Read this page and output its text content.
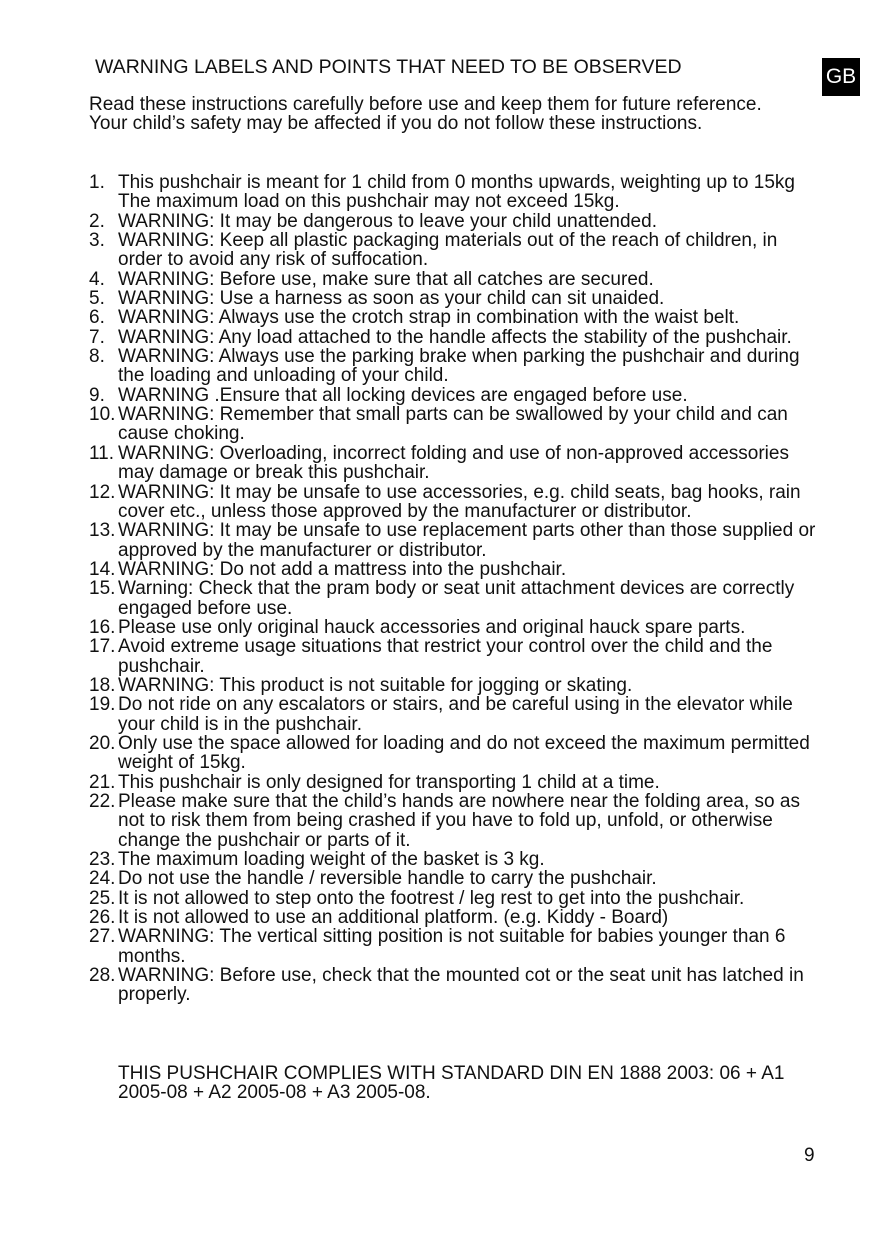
WARNING LABELS AND POINTS THAT NEED TO BE OBSERVED	GB
Read these instructions carefully before use and keep them for future reference. Your child’s safety may be affected if you do not follow these instructions.
1. This pushchair is meant for 1 child from 0 months upwards, weighting up to 15kg The maximum load on this pushchair may not exceed 15kg.
2. WARNING: It may be dangerous to leave your child unattended.
3. WARNING: Keep all plastic packaging materials out of the reach of children, in order to avoid any risk of suffocation.
4. WARNING: Before use, make sure that all catches are secured.
5. WARNING: Use a harness as soon as your child can sit unaided.
6. WARNING: Always use the crotch strap in combination with the waist belt.
7. WARNING: Any load attached to the handle affects the stability of the pushchair.
8. WARNING: Always use the parking brake when parking the pushchair and during the loading and unloading of your child.
9. WARNING .Ensure that all locking devices are engaged before use.
10. WARNING: Remember that small parts can be swallowed by your child and can cause choking.
11. WARNING: Overloading, incorrect folding and use of non-approved accessories may damage or break this pushchair.
12. WARNING: It may be unsafe to use accessories, e.g. child seats, bag hooks, rain cover etc., unless those approved by the manufacturer or distributor.
13. WARNING: It may be unsafe to use replacement parts other than those supplied or approved by the manufacturer or distributor.
14. WARNING: Do not add a mattress into the pushchair.
15. Warning: Check that the pram body or seat unit attachment devices are correctly engaged before use.
16. Please use only original hauck accessories and original hauck spare parts.
17. Avoid extreme usage situations that restrict your control over the child and the pushchair.
18. WARNING: This product is not suitable for jogging or skating.
19. Do not ride on any escalators or stairs, and be careful using in the elevator while your child is in the pushchair.
20. Only use the space allowed for loading and do not exceed the maximum permitted weight of 15kg.
21. This pushchair is only designed for transporting 1 child at a time.
22. Please make sure that the child’s hands are nowhere near the folding area, so as not to risk them from being crashed if you have to fold up, unfold, or otherwise change the pushchair or parts of it.
23. The maximum loading weight of the basket is 3 kg.
24. Do not use the handle / reversible handle to carry the pushchair.
25. It is not allowed to step onto the footrest / leg rest to get into the pushchair.
26. It is not allowed to use an additional platform. (e.g. Kiddy - Board)
27. WARNING: The vertical sitting position is not suitable for babies younger than 6 months.
28. WARNING: Before use, check that the mounted cot or the seat unit has latched in properly.
THIS PUSHCHAIR COMPLIES WITH STANDARD DIN EN 1888 2003: 06 + A1 2005-08 + A2 2005-08 + A3 2005-08.
9
